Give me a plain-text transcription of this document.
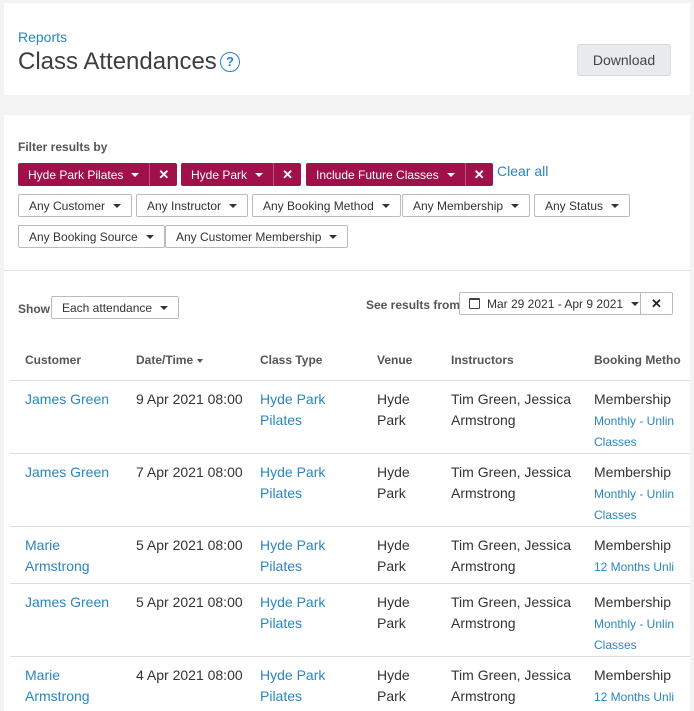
Reports
Class Attendances ?	Download
Filter results by
Hyde Park Pilates	✕ Hyde Park	✕ Include Future Classes	✕ Clear all
Any Customer	Any Instructor	Any Booking Method	Any Membership	Any Status
Any Booking Source	Any Customer Membership
Show Each attendance	See results from Mar 29 2021 - Apr 9 2021 ✕
Customer	Date/Time	Class Type	Venue	Instructors	Booking Metho
James Green	9 Apr 2021 08:00	Hyde Park Pilates	Hyde Park	Tim Green, Jessica Armstrong	Membership
Monthly - Unlin
Classes
James Green	7 Apr 2021 08:00	Hyde Park Pilates	Hyde Park	Tim Green, Jessica Armstrong	Membership
Monthly - Unlin
Classes
Marie Armstrong	5 Apr 2021 08:00	Hyde Park Pilates	Hyde Park	Tim Green, Jessica Armstrong	Membership
12 Months Unli
James Green	5 Apr 2021 08:00	Hyde Park Pilates	Hyde Park	Tim Green, Jessica Armstrong	Membership
Monthly - Unlin
Classes
Marie Armstrong	4 Apr 2021 08:00	Hyde Park Pilates	Hyde Park	Tim Green, Jessica Armstrong	Membership
12 Months Unli
